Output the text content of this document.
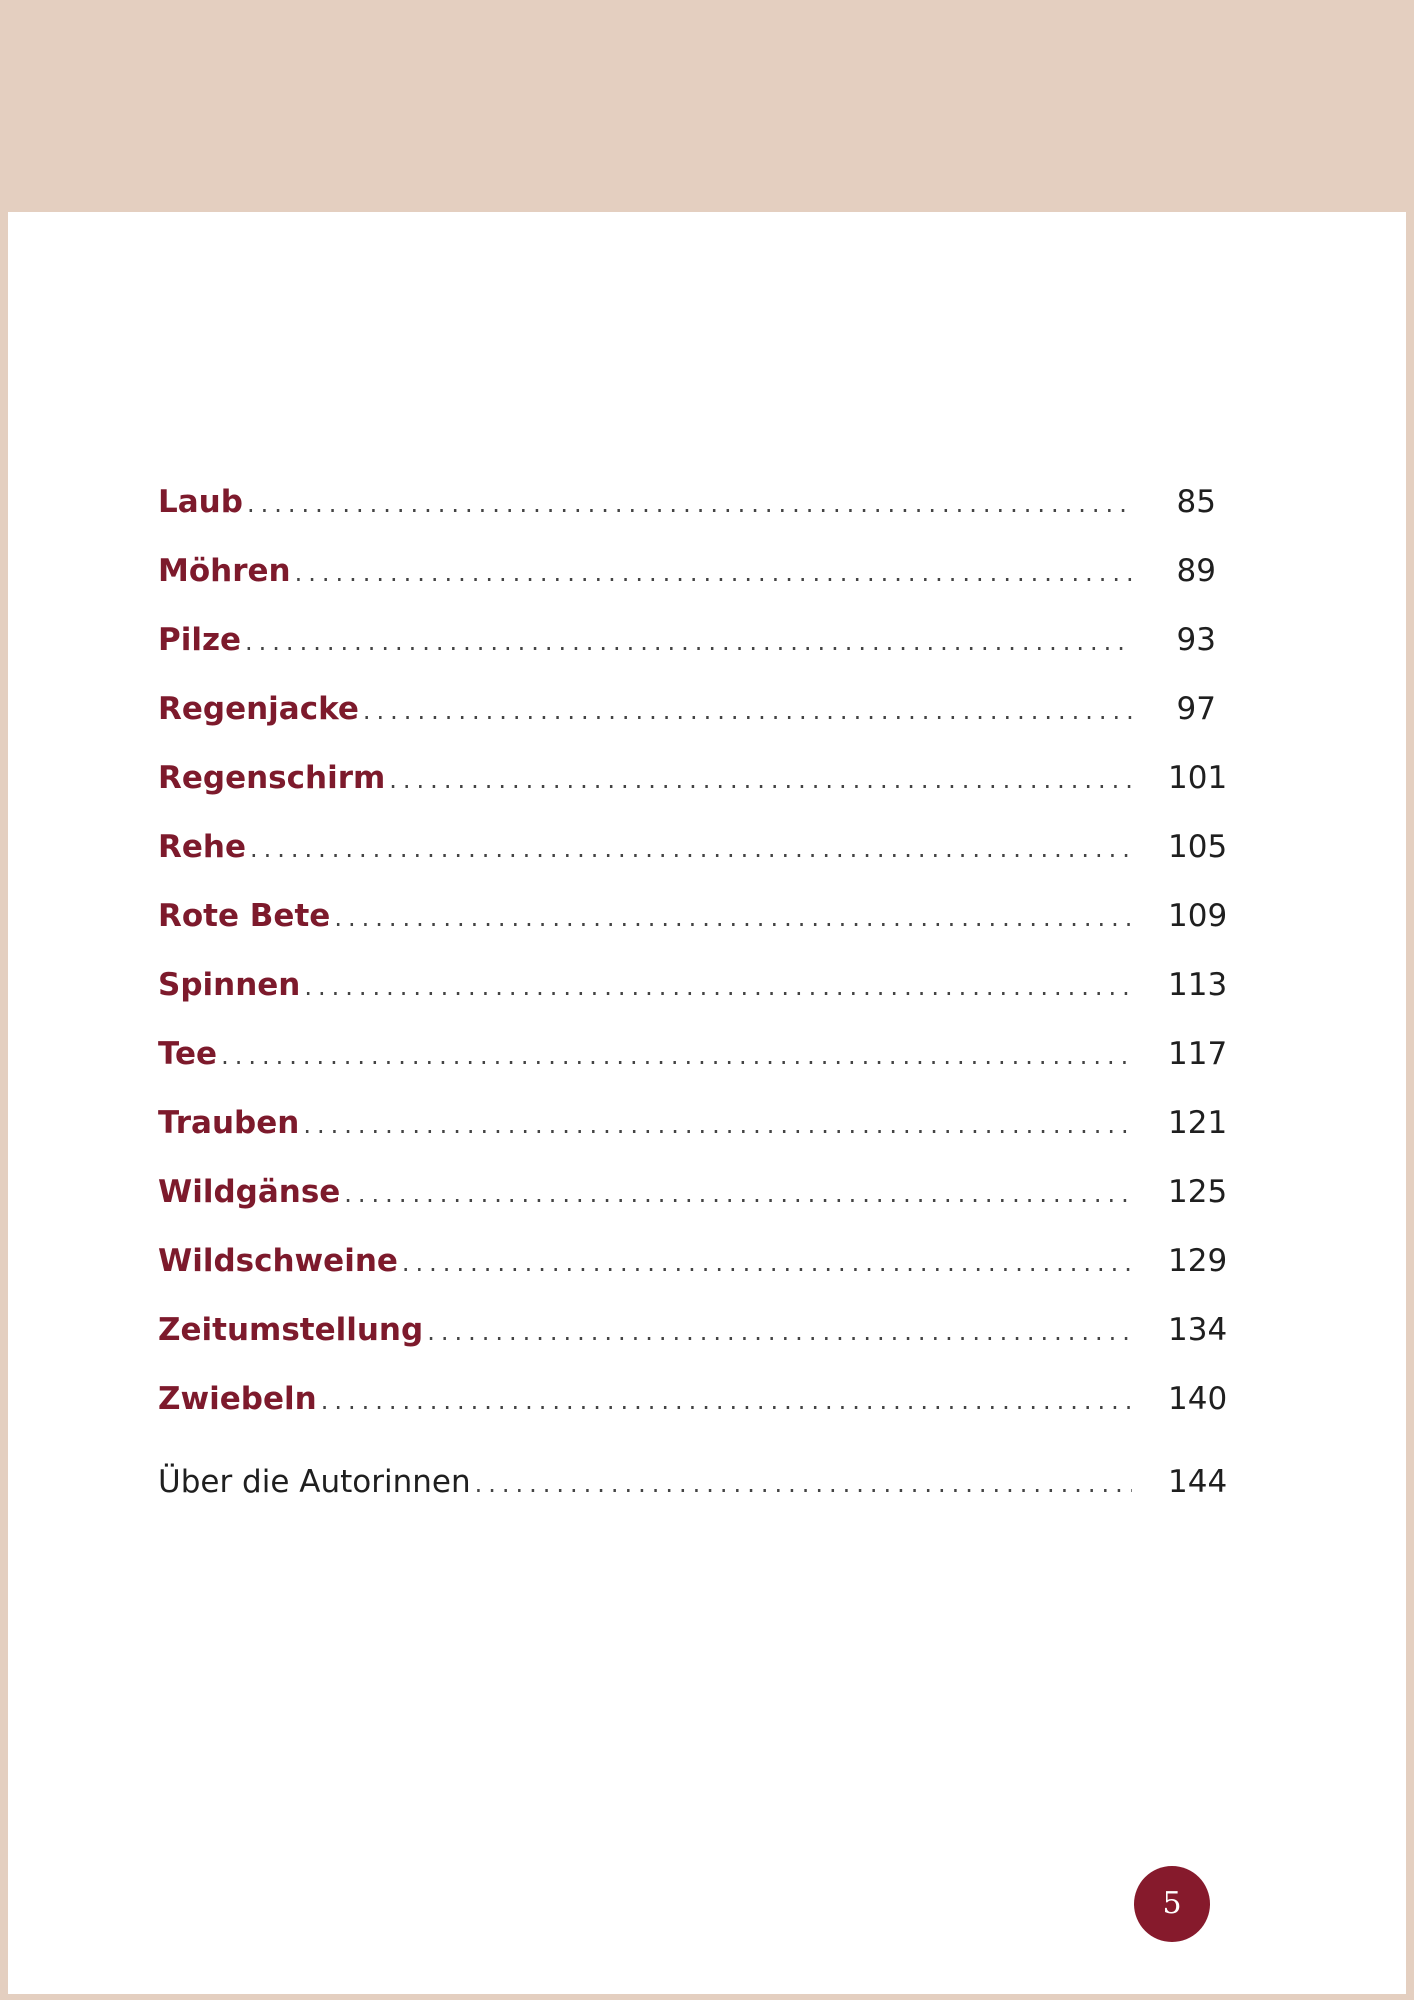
Laub .....	85
Möhren .....	89
Pilze .....	93
Regenjacke .....	97
Regenschirm .....	101
Rehe .....	105
Rote Bete .....	109
Spinnen .....	113
Tee .....	117
Trauben .....	121
Wildgänse .....	125
Wildschweine .....	129
Zeitumstellung .....	134
Zwiebeln .....	140
Über die Autorinnen .....	144
5
